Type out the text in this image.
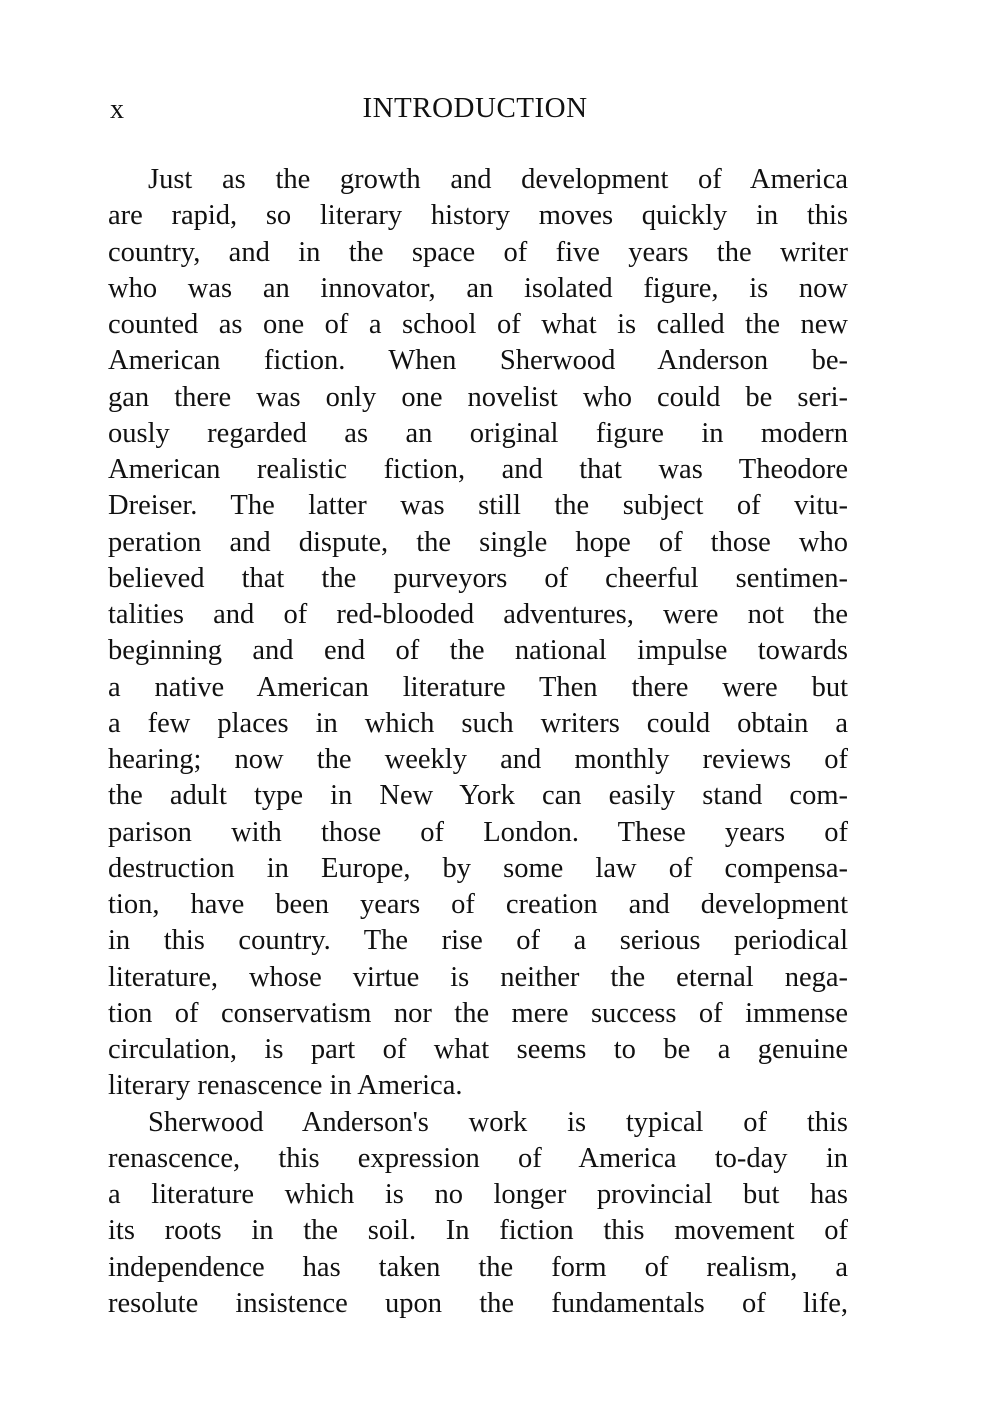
x	INTRODUCTION
Just as the growth and development of America
are rapid, so literary history moves quickly in this
country, and in the space of five years the writer
who was an innovator, an isolated figure, is now
counted as one of a school of what is called the new
American fiction. When Sherwood Anderson be-
gan there was only one novelist who could be seri-
ously regarded as an original figure in modern
American realistic fiction, and that was Theodore
Dreiser. The latter was still the subject of vitu-
peration and dispute, the single hope of those who
believed that the purveyors of cheerful sentimen-
talities and of red-blooded adventures, were not the
beginning and end of the national impulse towards
a native American literature Then there were but
a few places in which such writers could obtain a
hearing; now the weekly and monthly reviews of
the adult type in New York can easily stand com-
parison with those of London. These years of
destruction in Europe, by some law of compensa-
tion, have been years of creation and development
in this country. The rise of a serious periodical
literature, whose virtue is neither the eternal nega-
tion of conservatism nor the mere success of immense
circulation, is part of what seems to be a genuine
literary renascence in America.
Sherwood Anderson's work is typical of this
renascence, this expression of America to-day in
a literature which is no longer provincial but has
its roots in the soil. In fiction this movement of
independence has taken the form of realism, a
resolute insistence upon the fundamentals of life,
